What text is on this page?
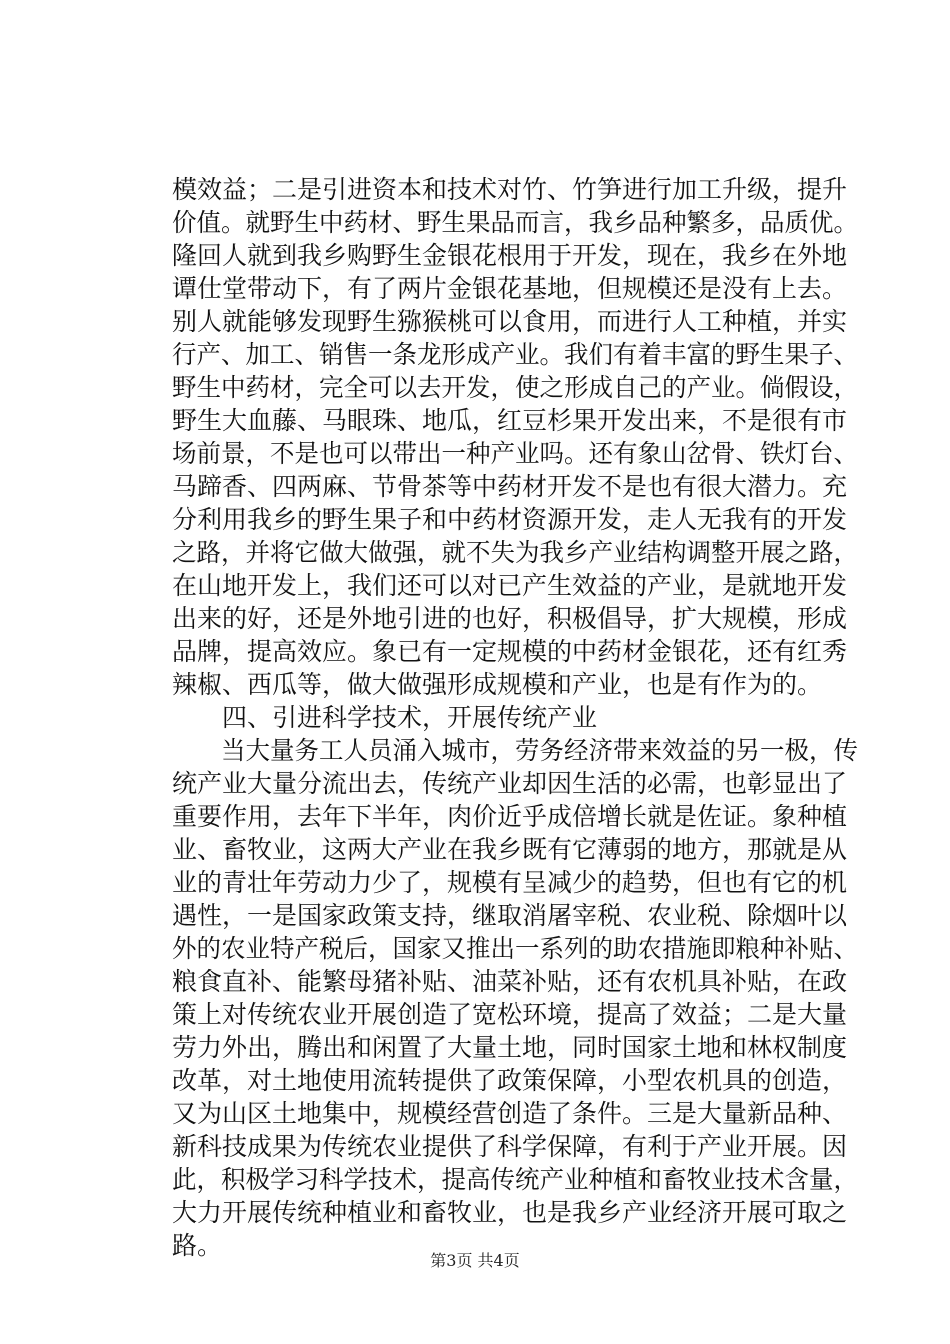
模效益；二是引进资本和技术对竹、竹笋进行加工升级，提升
价值。就野生中药材、野生果品而言，我乡品种繁多，品质优。
隆回人就到我乡购野生金银花根用于开发，现在，我乡在外地
谭仕堂带动下，有了两片金银花基地，但规模还是没有上去。
别人就能够发现野生猕猴桃可以食用，而进行人工种植，并实
行产、加工、销售一条龙形成产业。我们有着丰富的野生果子、
野生中药材，完全可以去开发，使之形成自己的产业。倘假设，
野生大血藤、马眼珠、地瓜，红豆杉果开发出来，不是很有市
场前景，不是也可以带出一种产业吗。还有象山岔骨、铁灯台、
马蹄香、四两麻、节骨茶等中药材开发不是也有很大潜力。充
分利用我乡的野生果子和中药材资源开发，走人无我有的开发
之路，并将它做大做强，就不失为我乡产业结构调整开展之路，
在山地开发上，我们还可以对已产生效益的产业，是就地开发
出来的好，还是外地引进的也好，积极倡导，扩大规模，形成
品牌，提高效应。象已有一定规模的中药材金银花，还有红秀
辣椒、西瓜等，做大做强形成规模和产业，也是有作为的。
　　四、引进科学技术，开展传统产业
　　当大量务工人员涌入城市，劳务经济带来效益的另一极，传
统产业大量分流出去，传统产业却因生活的必需，也彰显出了
重要作用，去年下半年，肉价近乎成倍增长就是佐证。象种植
业、畜牧业，这两大产业在我乡既有它薄弱的地方，那就是从
业的青壮年劳动力少了，规模有呈减少的趋势，但也有它的机
遇性，一是国家政策支持，继取消屠宰税、农业税、除烟叶以
外的农业特产税后，国家又推出一系列的助农措施即粮种补贴、
粮食直补、能繁母猪补贴、油菜补贴，还有农机具补贴，在政
策上对传统农业开展创造了宽松环境，提高了效益；二是大量
劳力外出，腾出和闲置了大量土地，同时国家土地和林权制度
改革，对土地使用流转提供了政策保障，小型农机具的创造，
又为山区土地集中，规模经营创造了条件。三是大量新品种、
新科技成果为传统农业提供了科学保障，有利于产业开展。因
此，积极学习科学技术，提高传统产业种植和畜牧业技术含量，
大力开展传统种植业和畜牧业，也是我乡产业经济开展可取之
路。
第3页 共4页
